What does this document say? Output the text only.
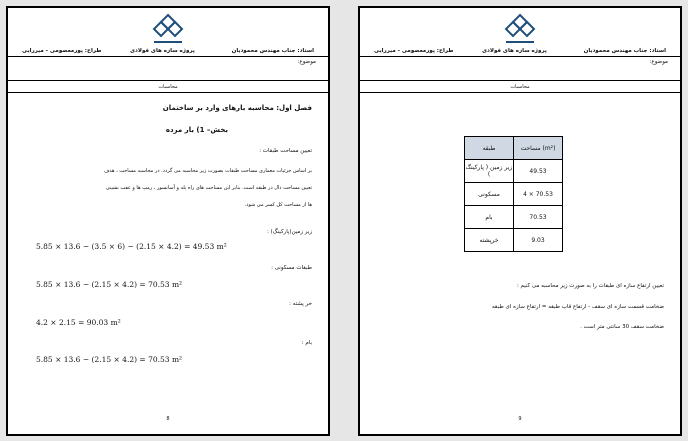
استاد: جناب مهندس محمودیان
پروژه سازه های فولادی
طراح: پورمعصومی - میررایی
موضوع:
محاسبات
فصل اول: محاسبه بارهای وارد بر ساختمان
بخش– 1) بار مرده
تعیین مساحت طبقات :
بر اساس جزئیات معماری مساحت طبقات بصورت زیر محاسبه می گردد. در محاسبه مساحت ، هدف
تعیین مساحت دال در طبقه است. بنابر این مساحت های راه پله و آسانسور ، رمپ ها و عقب نشینی
ها از مساحت کل کسر می شود.
زیر زمین(پارکینگ) :
5.85 × 13.6 − (3.5 × 6) − (2.15 × 4.2) = 49.53 m²
طبقات مسکونی :
5.85 × 13.6 − (2.15 × 4.2) = 70.53 m²
خر پشته :
4.2 × 2.15 = 90.03 m²
بام :
5.85 × 13.6 − (2.15 × 4.2) = 70.53 m²
8
استاد: جناب مهندس محمودیان
پروژه سازه های فولادی
طراح: پورمعصومی - میررایی
موضوع:
محاسبات
طبقه	مساحت (m²)
زیر زمین ( پارکینگ )	49.53
مسکونی	4 × 70.53
بام	70.53
خرپشته	9.03
تعیین ارتفاع سازه ای طبقات را به صورت زیر محاسبه می کنیم :
ضخامت قسمت سازه ای سقف - ارتفاع قاب طبقه = ارتفاع سازه ای طبقه
ضخامت سقف 30 سانتی متر است .
9
